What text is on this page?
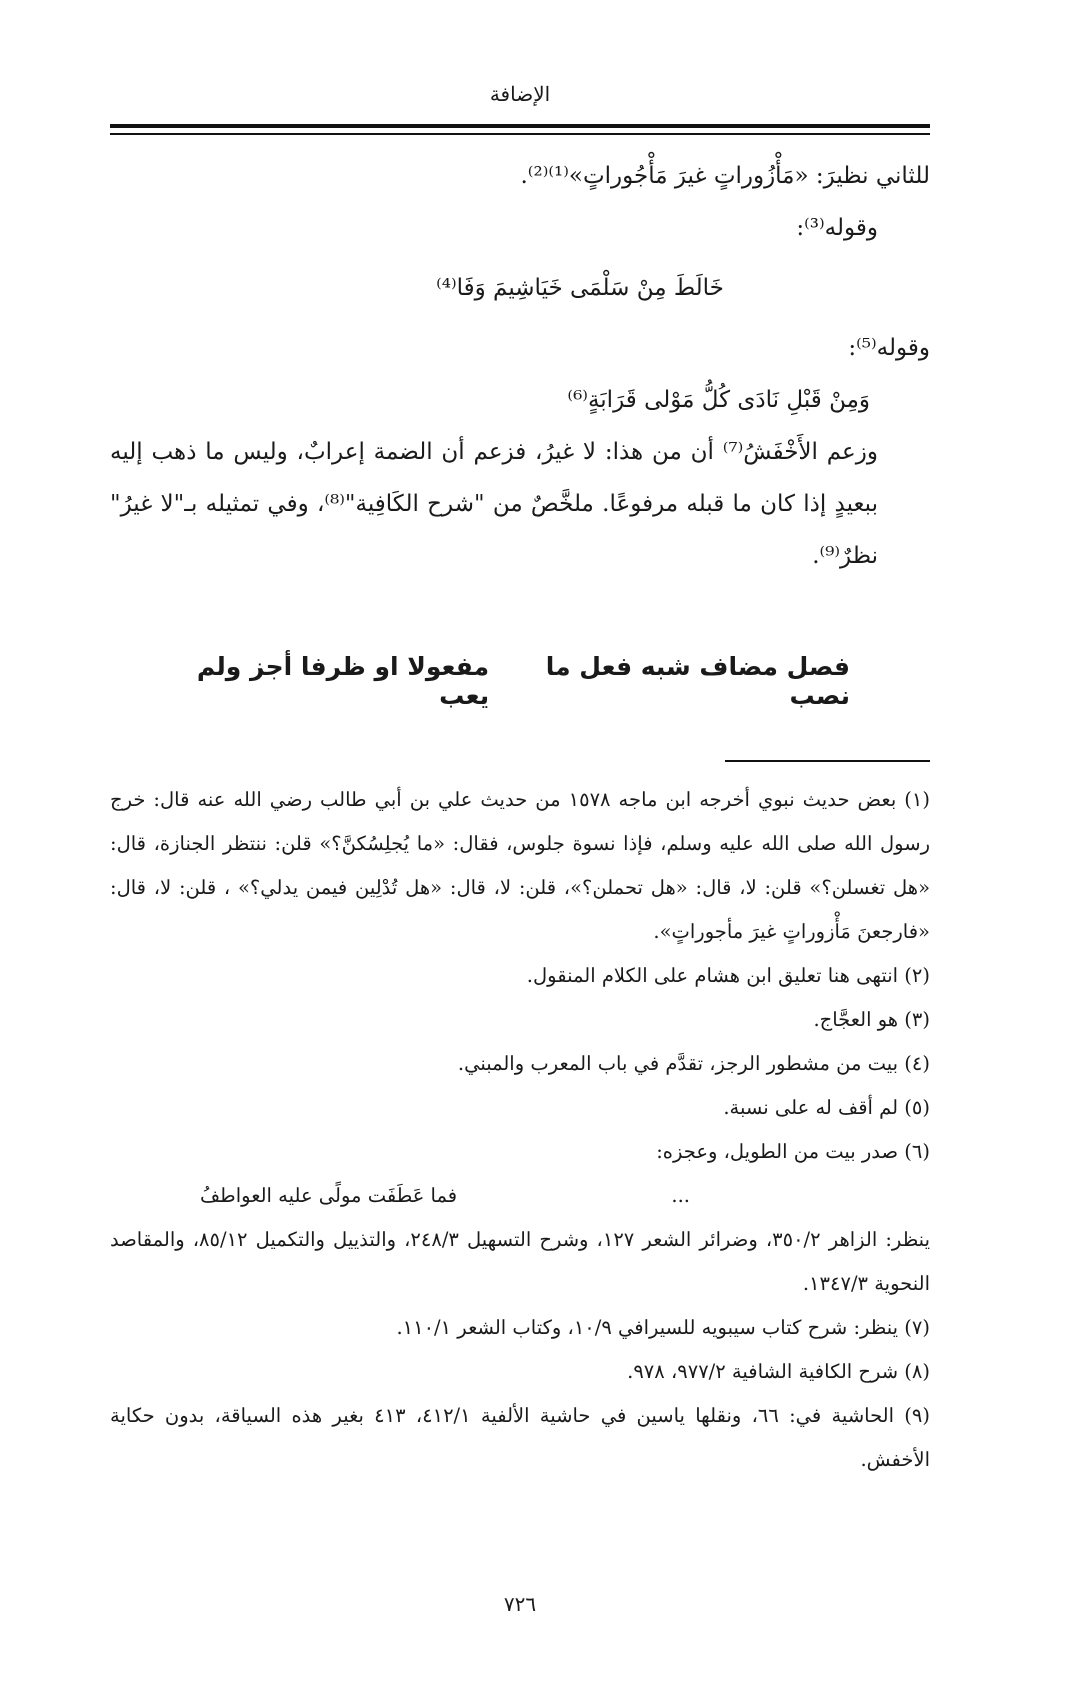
الإضافة

للثاني نظيرَ: «مَأْزُوراتٍ غيرَ مَأْجُوراتٍ»⁽¹⁾⁽²⁾.

وقوله⁽³⁾:

خَالَطَ مِنْ سَلْمَى خَيَاشِيمَ وَفَا⁽⁴⁾

وقوله⁽⁵⁾:

وَمِنْ قَبْلِ نَادَى كُلُّ مَوْلى قَرَابَةٍ⁽⁶⁾

وزعم الأَخْفَشُ⁽⁷⁾ أن من هذا: لا غيرُ، فزعم أن الضمة إعرابٌ، وليس ما ذهب إليه ببعيدٍ إذا كان ما قبله مرفوعًا. ملخَّصٌ من "شرح الكَافِية"⁽⁸⁾، وفي تمثيله بـ"لا غيرُ" نظرٌ⁽⁹⁾.

فصل مضاف شبه فعل ما نصب
مفعولا او ظرفا أجز ولم يعب

(١) بعض حديث نبوي أخرجه ابن ماجه ١٥٧٨ من حديث علي بن أبي طالب رضي الله عنه قال: خرج رسول الله صلى الله عليه وسلم، فإذا نسوة جلوس، فقال: «ما يُجلِسُكنَّ؟» قلن: ننتظر الجنازة، قال: «هل تغسلن؟» قلن: لا، قال: «هل تحملن؟»، قلن: لا، قال: «هل تُدْلِين فيمن يدلي؟» ، قلن: لا، قال: «فارجعنَ مَأْزوراتٍ غيرَ مأجوراتٍ».

(٢) انتهى هنا تعليق ابن هشام على الكلام المنقول.

(٣) هو العجَّاج.

(٤) بيت من مشطور الرجز، تقدَّم في باب المعرب والمبني.

(٥) لم أقف له على نسبة.

(٦) صدر بيت من الطويل، وعجزه:

...
فما عَطَفَت مولًى عليه العواطفُ

ينظر: الزاهر ٣٥٠/٢، وضرائر الشعر ١٢٧، وشرح التسهيل ٢٤٨/٣، والتذييل والتكميل ٨٥/١٢، والمقاصد النحوية ١٣٤٧/٣.

(٧) ينظر: شرح كتاب سيبويه للسيرافي ١٠/٩، وكتاب الشعر ١١٠/١.

(٨) شرح الكافية الشافية ٩٧٧/٢، ٩٧٨.

(٩) الحاشية في: ٦٦، ونقلها ياسين في حاشية الألفية ٤١٢/١، ٤١٣ بغير هذه السياقة، بدون حكاية الأخفش.

٧٢٦
